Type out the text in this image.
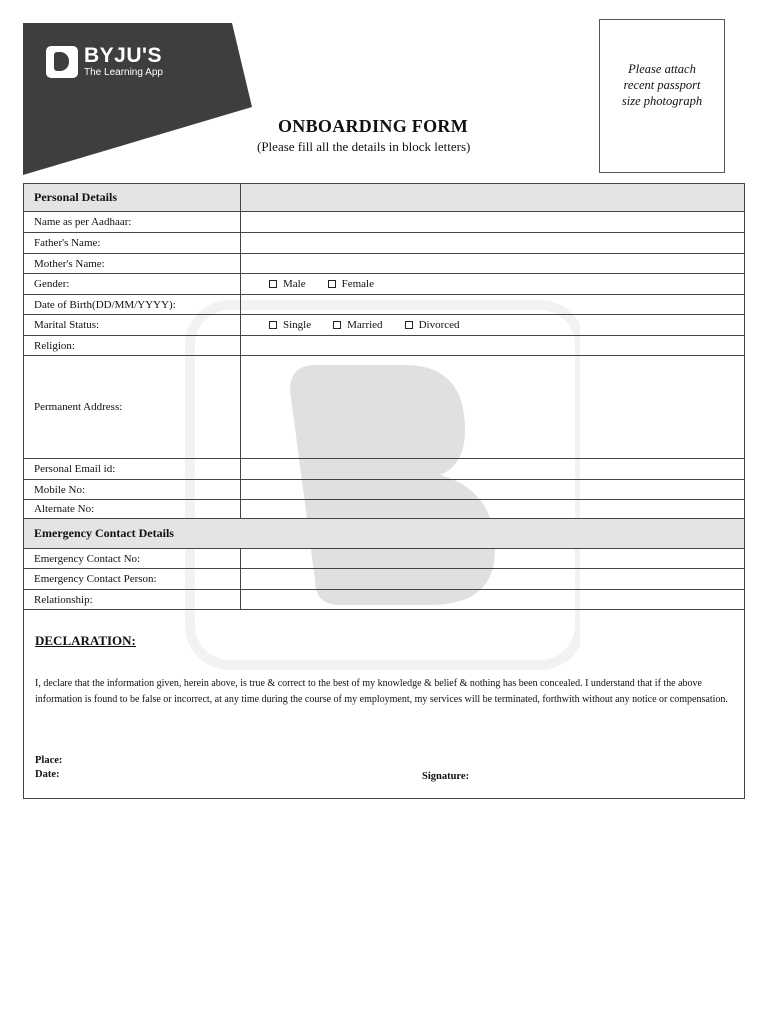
BYJU'S
The Learning App	Please attach
recent passport
size photograph
ONBOARDING FORM
(Please fill all the details in block letters)
Personal Details
Name as per Aadhaar:
Father's Name:
Mother's Name:
Gender:	Male	Female
Date of Birth(DD/MM/YYYY):
Marital Status:	Single	Married	Divorced
Religion:
Permanent Address:
Personal Email id:
Mobile No:
Alternate No:
Emergency Contact Details
Emergency Contact No:
Emergency Contact Person:
Relationship:
DECLARATION:
I, declare that the information given, herein above, is true & correct to the best of my knowledge & belief & nothing has been concealed. I understand that if the above information is found to be false or incorrect, at any time during the course of my employment, my services will be terminated, forthwith without any notice or compensation.
Place:
Date:	Signature:
